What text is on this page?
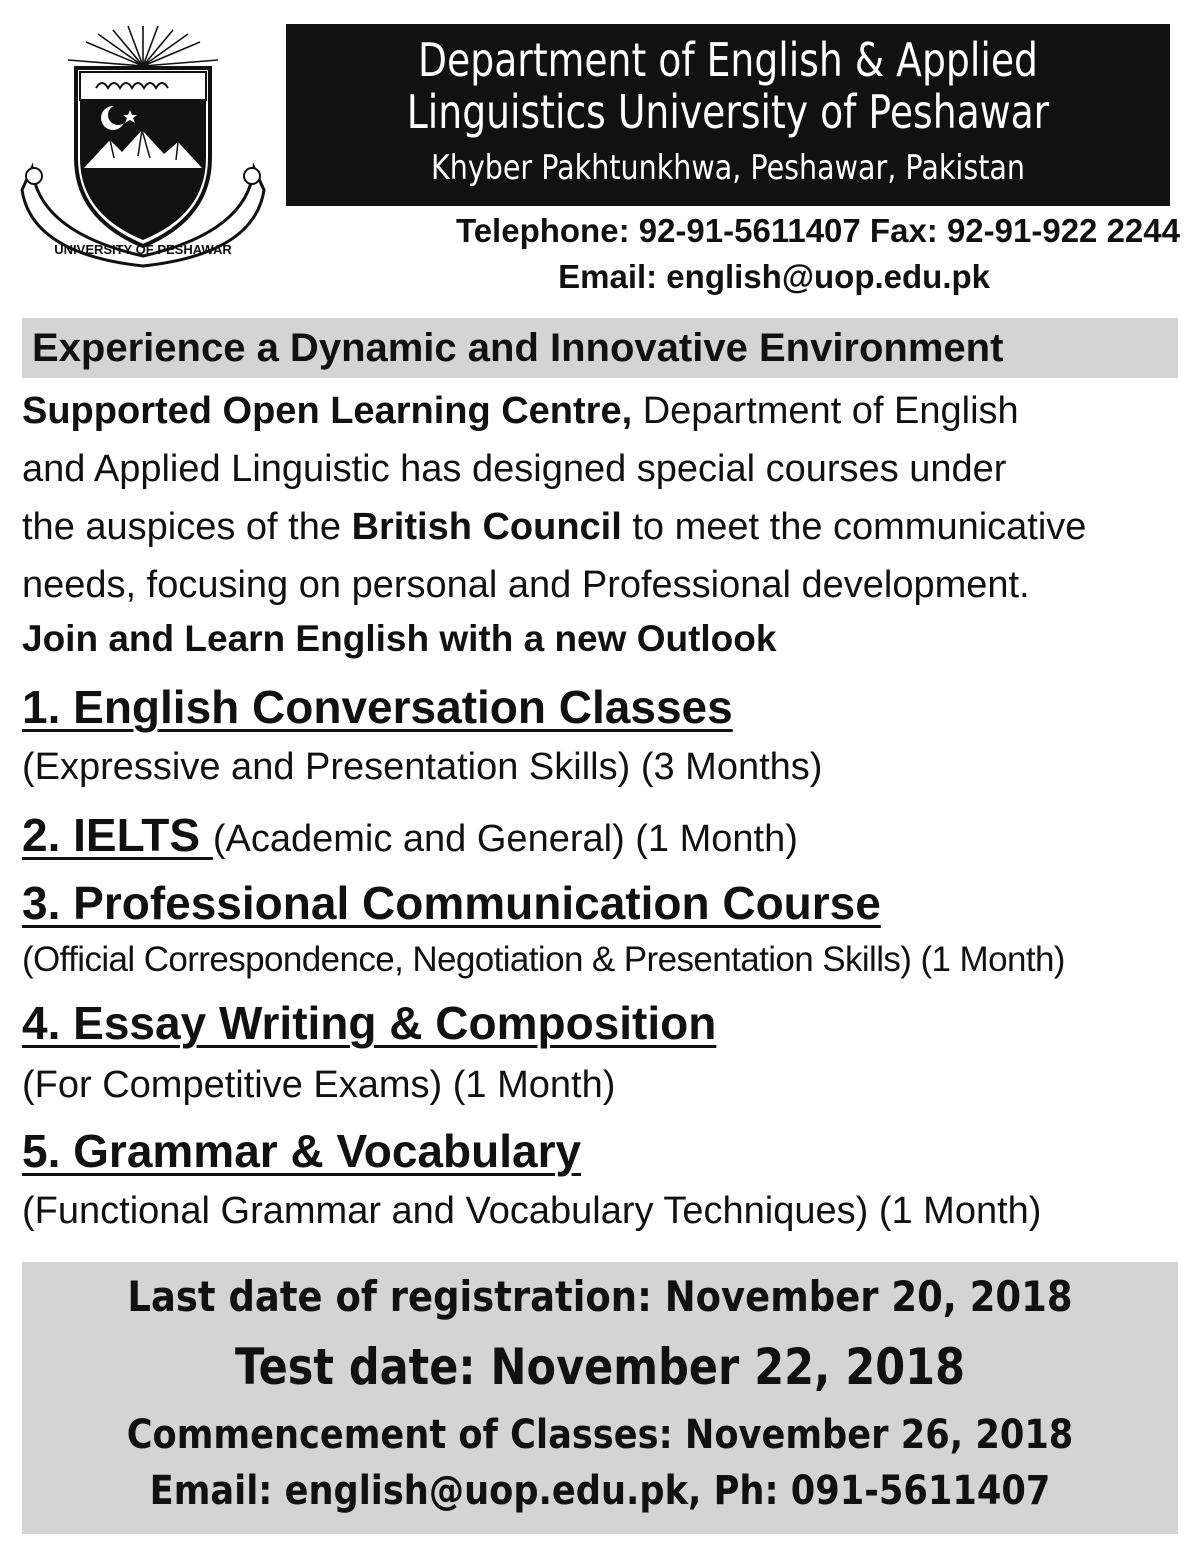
UNIVERSITY OF PESHAWAR
Department of English & Applied
Linguistics University of Peshawar
Khyber Pakhtunkhwa, Peshawar, Pakistan
Telephone: 92-91-5611407 Fax: 92-91-922 2244
Email: english@uop.edu.pk
Experience a Dynamic and Innovative Environment
Supported Open Learning Centre, Department of English
and Applied Linguistic has designed special courses under
the auspices of the British Council to meet the communicative
needs, focusing on personal and Professional development.
Join and Learn English with a new Outlook
1. English Conversation Classes
(Expressive and Presentation Skills) (3 Months)
2. IELTS (Academic and General) (1 Month)
3. Professional Communication Course
(Official Correspondence, Negotiation & Presentation Skills) (1 Month)
4. Essay Writing & Composition
(For Competitive Exams) (1 Month)
5. Grammar & Vocabulary
(Functional Grammar and Vocabulary Techniques) (1 Month)
Last date of registration: November 20, 2018
Test date: November 22, 2018
Commencement of Classes: November 26, 2018
Email: english@uop.edu.pk, Ph: 091-5611407
